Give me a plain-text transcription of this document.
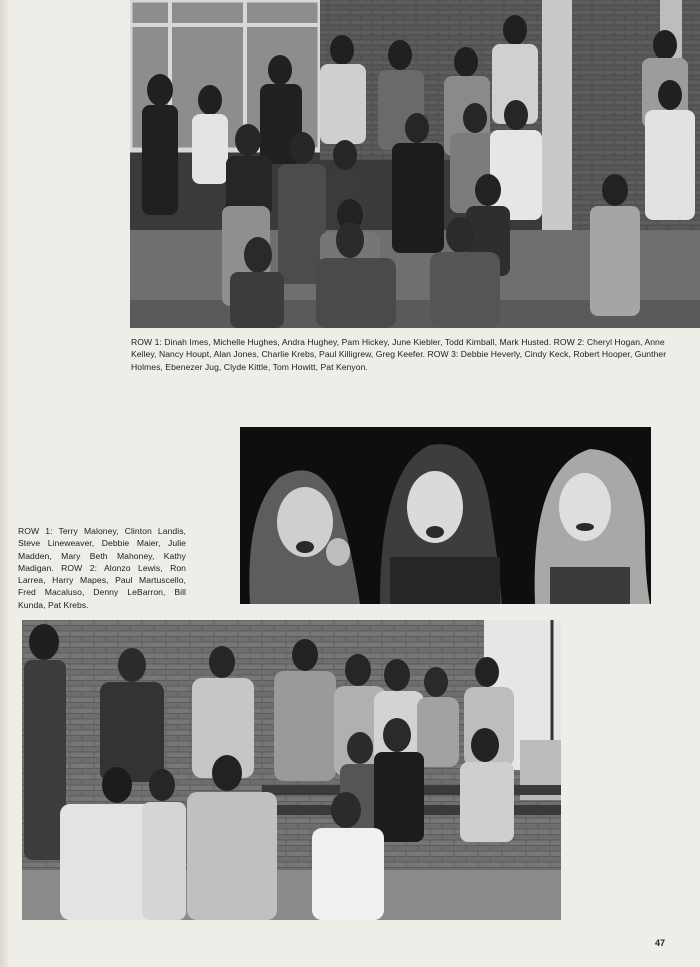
ROW 1: Dinah Imes, Michelle Hughes, Andra Hughey, Pam Hickey, June Kiebler, Todd Kimball, Mark Husted. ROW 2: Cheryl Hogan, Anne Kelley, Nancy Houpt, Alan Jones, Charlie Krebs, Paul Killigrew, Greg Keefer. ROW 3: Debbie Heverly, Cindy Keck, Robert Hooper, Gunther Holmes, Ebenezer Jug, Clyde Kittle, Tom Howitt, Pat Kenyon.
ROW 1: Terry Maloney, Clinton Landis, Steve Lineweaver, Debbie Maier, Julie Madden, Mary Beth Mahoney, Kathy Madigan. ROW 2: Alonzo Lewis, Ron Larrea, Harry Mapes, Paul Martuscello, Fred Macaluso, Denny LeBarron, Bill Kunda, Pat Krebs.
47
